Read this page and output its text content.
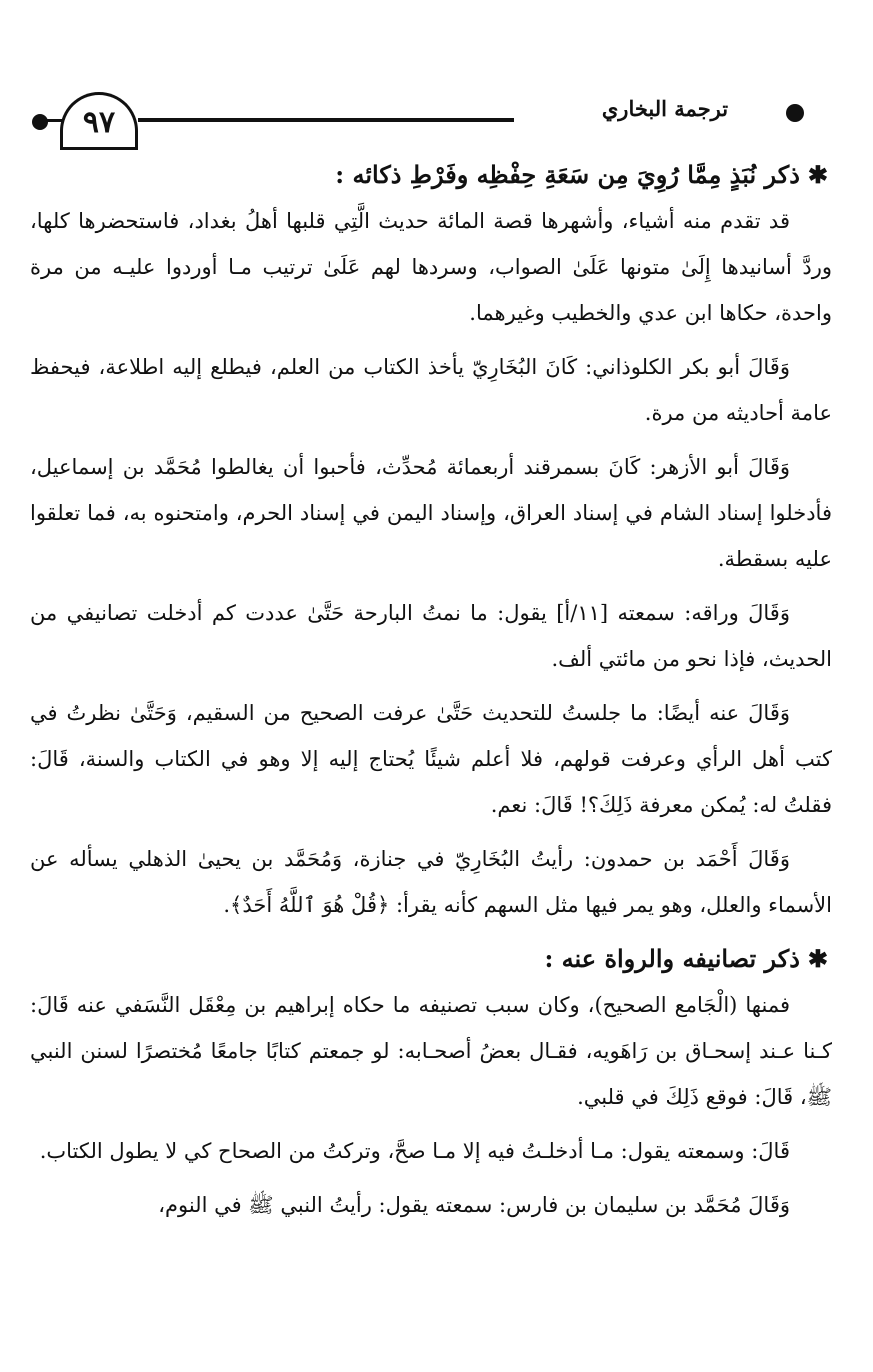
٩٧	ترجمة البخاري
✱ذكر نُبَذٍ مِمَّا رُوِيَ مِن سَعَةِ حِفْظِه وفَرْطِ ذكائه :

قد تقدم منه أشياء، وأشهرها قصة المائة حديث الَّتِي قلبها أهلُ بغداد، فاستحضرها كلها، وردَّ أسانيدها إِلَىٰ متونها عَلَىٰ الصواب، وسردها لهم عَلَىٰ ترتيب مـا أوردوا عليـه من مرة واحدة، حكاها ابن عدي والخطيب وغيرهما.

وَقَالَ أبو بكر الكلوذاني: كَانَ البُخَارِيّ يأخذ الكتاب من العلم، فيطلع إليه اطلاعة، فيحفظ عامة أحاديثه من مرة.

وَقَالَ أبو الأزهر: كَانَ بسمرقند أربعمائة مُحدِّث، فأحبوا أن يغالطوا مُحَمَّد بن إسماعيل، فأدخلوا إسناد الشام في إسناد العراق، وإسناد اليمن في إسناد الحرم، وامتحنوه به، فما تعلقوا عليه بسقطة.

وَقَالَ وراقه: سمعته [١١/أ] يقول: ما نمتُ البارحة حَتَّىٰ عددت كم أدخلت تصانيفي من الحديث، فإذا نحو من مائتي ألف.

وَقَالَ عنه أيضًا: ما جلستُ للتحديث حَتَّىٰ عرفت الصحيح من السقيم، وَحَتَّىٰ نظرتُ في كتب أهل الرأي وعرفت قولهم، فلا أعلم شيئًا يُحتاج إليه إلا وهو في الكتاب والسنة، قَالَ: فقلتُ له: يُمكن معرفة ذَلِكَ؟! قَالَ: نعم.

وَقَالَ أَحْمَد بن حمدون: رأيتُ البُخَارِيّ في جنازة، وَمُحَمَّد بن يحيىٰ الذهلي يسأله عن الأسماء والعلل، وهو يمر فيها مثل السهم كأنه يقرأ: ﴿قُلْ هُوَ ٱللَّهُ أَحَدٌ﴾.

✱ذكر تصانيفه والرواة عنه :

فمنها (الْجَامع الصحيح)، وكان سبب تصنيفه ما حكاه إبراهيم بن مِعْقَل النَّسَفي عنه قَالَ: كـنا عـند إسحـاق بن رَاهَويه، فقـال بعضُ أصحـابه: لو جمعتم كتابًا جامعًا مُختصرًا لسنن النبي ﷺ، قَالَ: فوقع ذَلِكَ في قلبي.

قَالَ: وسمعته يقول: مـا أدخلـتُ فيه إلا مـا صحَّ، وتركتُ من الصحاح كي لا يطول الكتاب.

وَقَالَ مُحَمَّد بن سليمان بن فارس: سمعته يقول: رأيتُ النبي ﷺ في النوم،
